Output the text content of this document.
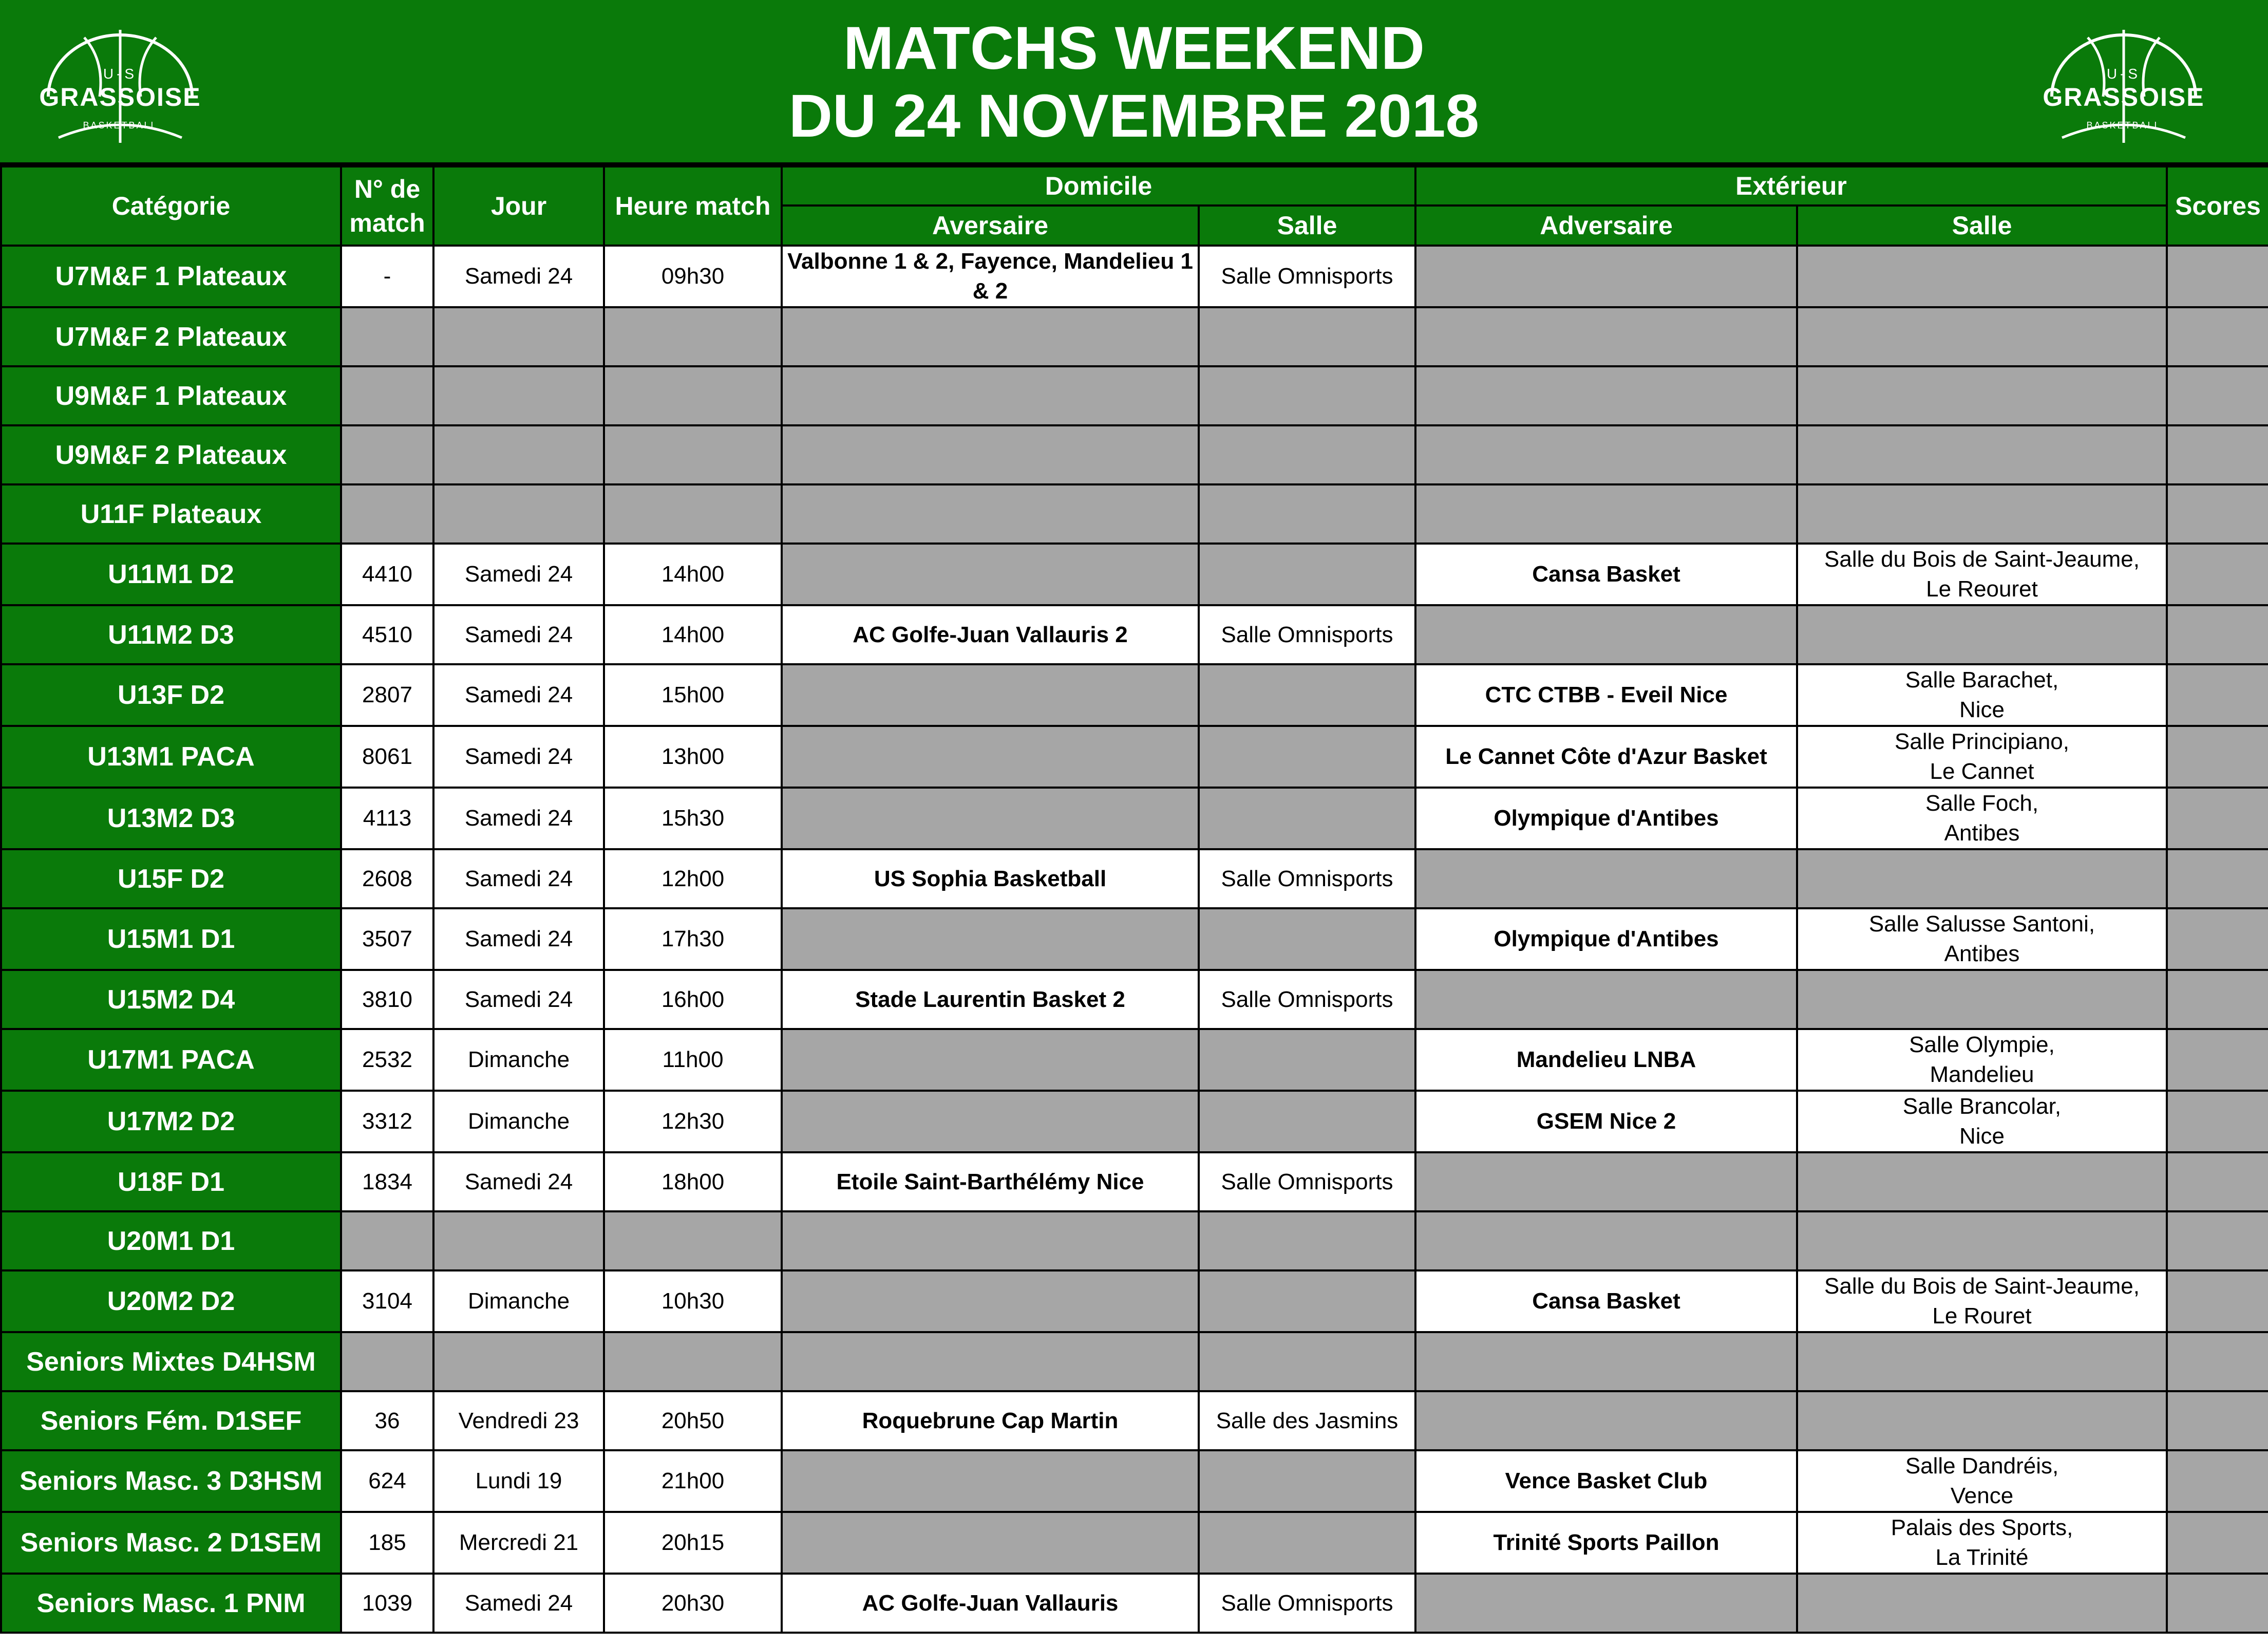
U-S
GRASSOISE
BASKETBALL
MATCHS WEEKEND
DU 24 NOVEMBRE 2018
U-S
GRASSOISE
BASKETBALL
Catégorie	N° de match	Jour	Heure match	Domicile		Extérieur		Scores
				Aversaire	Salle	Adversaire	Salle	
U7M&F 1 Plateaux	-	Samedi 24	09h30	Valbonne 1 & 2, Fayence, Mandelieu 1 & 2	Salle Omnisports			
U7M&F 2 Plateaux								
U9M&F 1 Plateaux								
U9M&F 2 Plateaux								
U11F Plateaux								
U11M1 D2	4410	Samedi 24	14h00			Cansa Basket	Salle du Bois de Saint-Jeaume,
Le Reouret	
U11M2 D3	4510	Samedi 24	14h00	AC Golfe-Juan Vallauris 2	Salle Omnisports			
U13F D2	2807	Samedi 24	15h00			CTC CTBB - Eveil Nice	Salle Barachet,
Nice	
U13M1 PACA	8061	Samedi 24	13h00			Le Cannet Côte d'Azur Basket	Salle Principiano,
Le Cannet	
U13M2 D3	4113	Samedi 24	15h30			Olympique d'Antibes	Salle Foch,
Antibes	
U15F D2	2608	Samedi 24	12h00	US Sophia Basketball	Salle Omnisports			
U15M1 D1	3507	Samedi 24	17h30			Olympique d'Antibes	Salle Salusse Santoni,
Antibes	
U15M2 D4	3810	Samedi 24	16h00	Stade Laurentin Basket 2	Salle Omnisports			
U17M1 PACA	2532	Dimanche	11h00			Mandelieu LNBA	Salle Olympie,
Mandelieu	
U17M2 D2	3312	Dimanche	12h30			GSEM Nice 2	Salle Brancolar,
Nice	
U18F D1	1834	Samedi 24	18h00	Etoile Saint-Barthélémy Nice	Salle Omnisports			
U20M1 D1								
U20M2 D2	3104	Dimanche	10h30			Cansa Basket	Salle du Bois de Saint-Jeaume,
Le Rouret	
Seniors Mixtes D4HSM								
Seniors Fém. D1SEF	36	Vendredi 23	20h50	Roquebrune Cap Martin	Salle des Jasmins			
Seniors Masc. 3 D3HSM	624	Lundi 19	21h00			Vence Basket Club	Salle Dandréis,
Vence	
Seniors Masc. 2 D1SEM	185	Mercredi 21	20h15			Trinité Sports Paillon	Palais des Sports,
La Trinité	
Seniors Masc. 1 PNM	1039	Samedi 24	20h30	AC Golfe-Juan Vallauris	Salle Omnisports			
